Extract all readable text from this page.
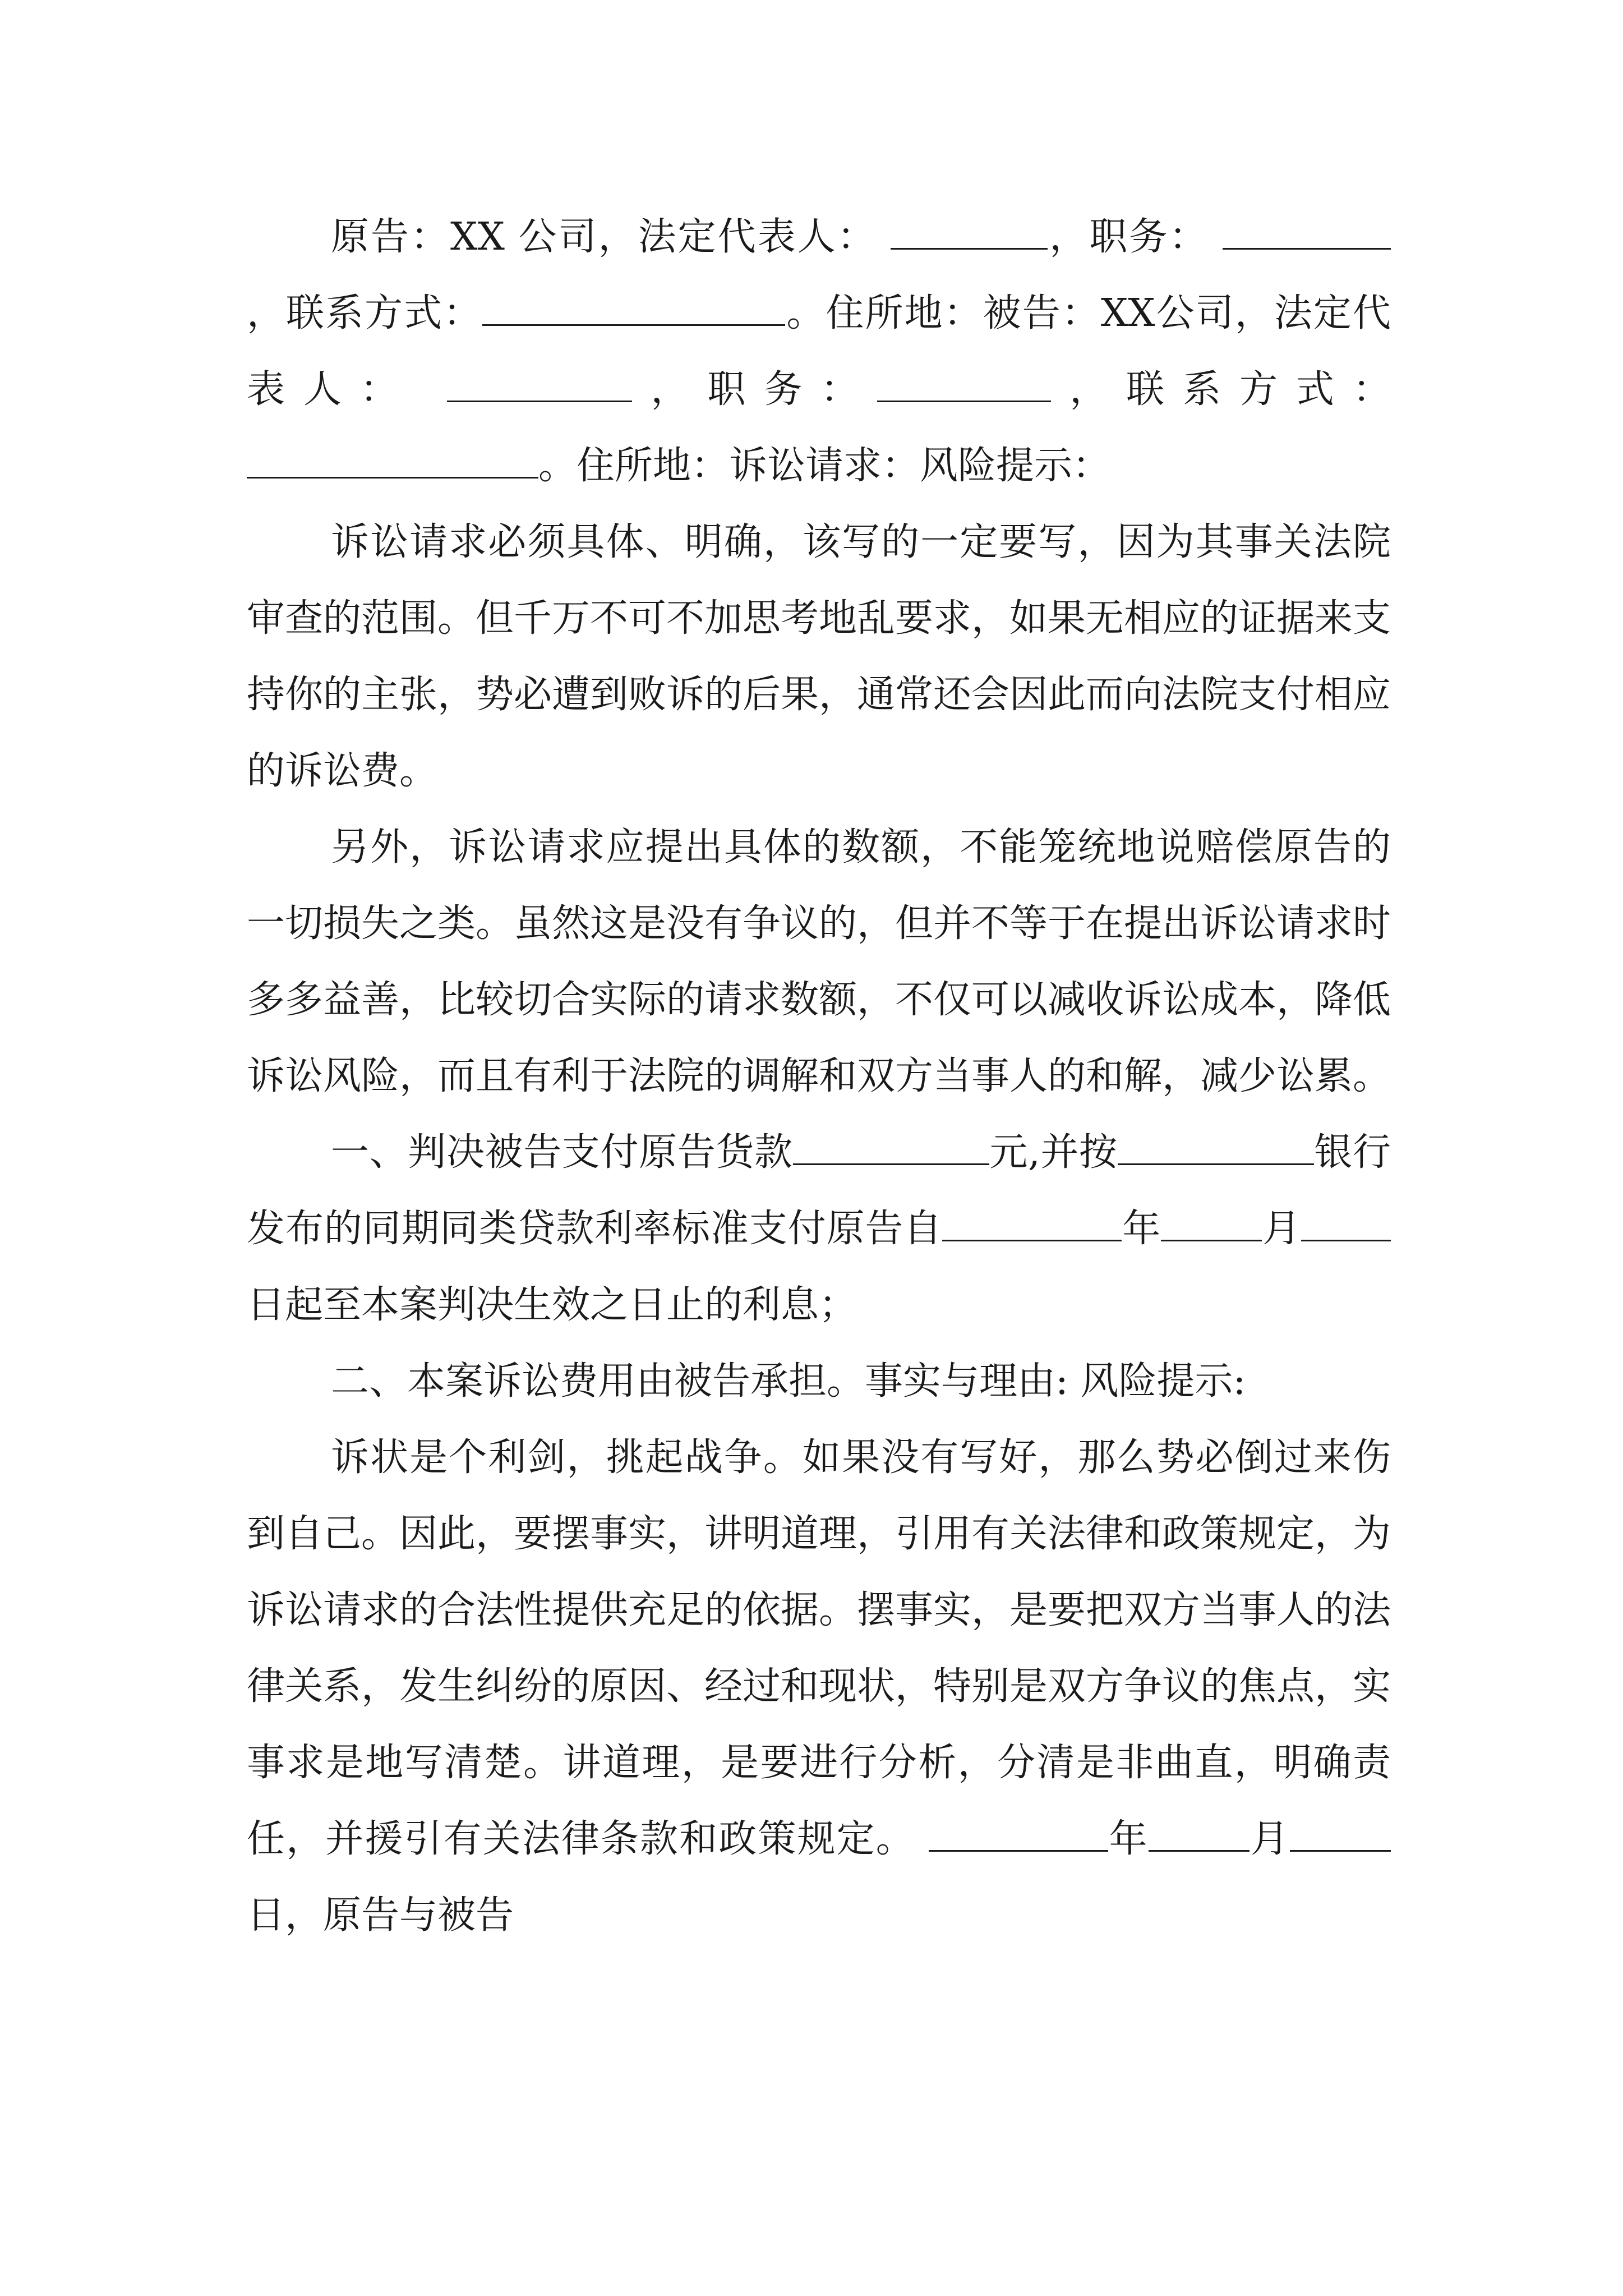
原告：XX 公司，法定代表人：	，职务： ，联系方式：	。住所地：被告：XX公司，法定代表人：	，职务：	，联系方式：。住所地：诉讼请求：风险提示：

诉讼请求必须具体、明确，该写的一定要写，因为其事关法院审查的范围。但千万不可不加思考地乱要求，如果无相应的证据来支持你的主张，势必遭到败诉的后果，通常还会因此而向法院支付相应的诉讼费。

另外，诉讼请求应提出具体的数额，不能笼统地说赔偿原告的一切损失之类。虽然这是没有争议的，但并不等于在提出诉讼请求时多多益善，比较切合实际的请求数额，不仅可以减收诉讼成本，降低诉讼风险，而且有利于法院的调解和双方当事人的和解，减少讼累。

一、判决被告支付原告货款	元,并按	银行发布的同期同类贷款利率标准支付原告自	年	月日起至本案判决生效之日止的利息；

二、本案诉讼费用由被告承担。事实与理由: 风险提示:

诉状是个利剑，挑起战争。如果没有写好，那么势必倒过来伤到自己。因此，要摆事实，讲明道理，引用有关法律和政策规定，为诉讼请求的合法性提供充足的依据。摆事实，是要把双方当事人的法律关系，发生纠纷的原因、经过和现状，特别是双方争议的焦点，实事求是地写清楚。讲道理，是要进行分析，分清是非曲直，明确责任，并援引有关法律条款和政策规定。	年	月日，原告与被告
